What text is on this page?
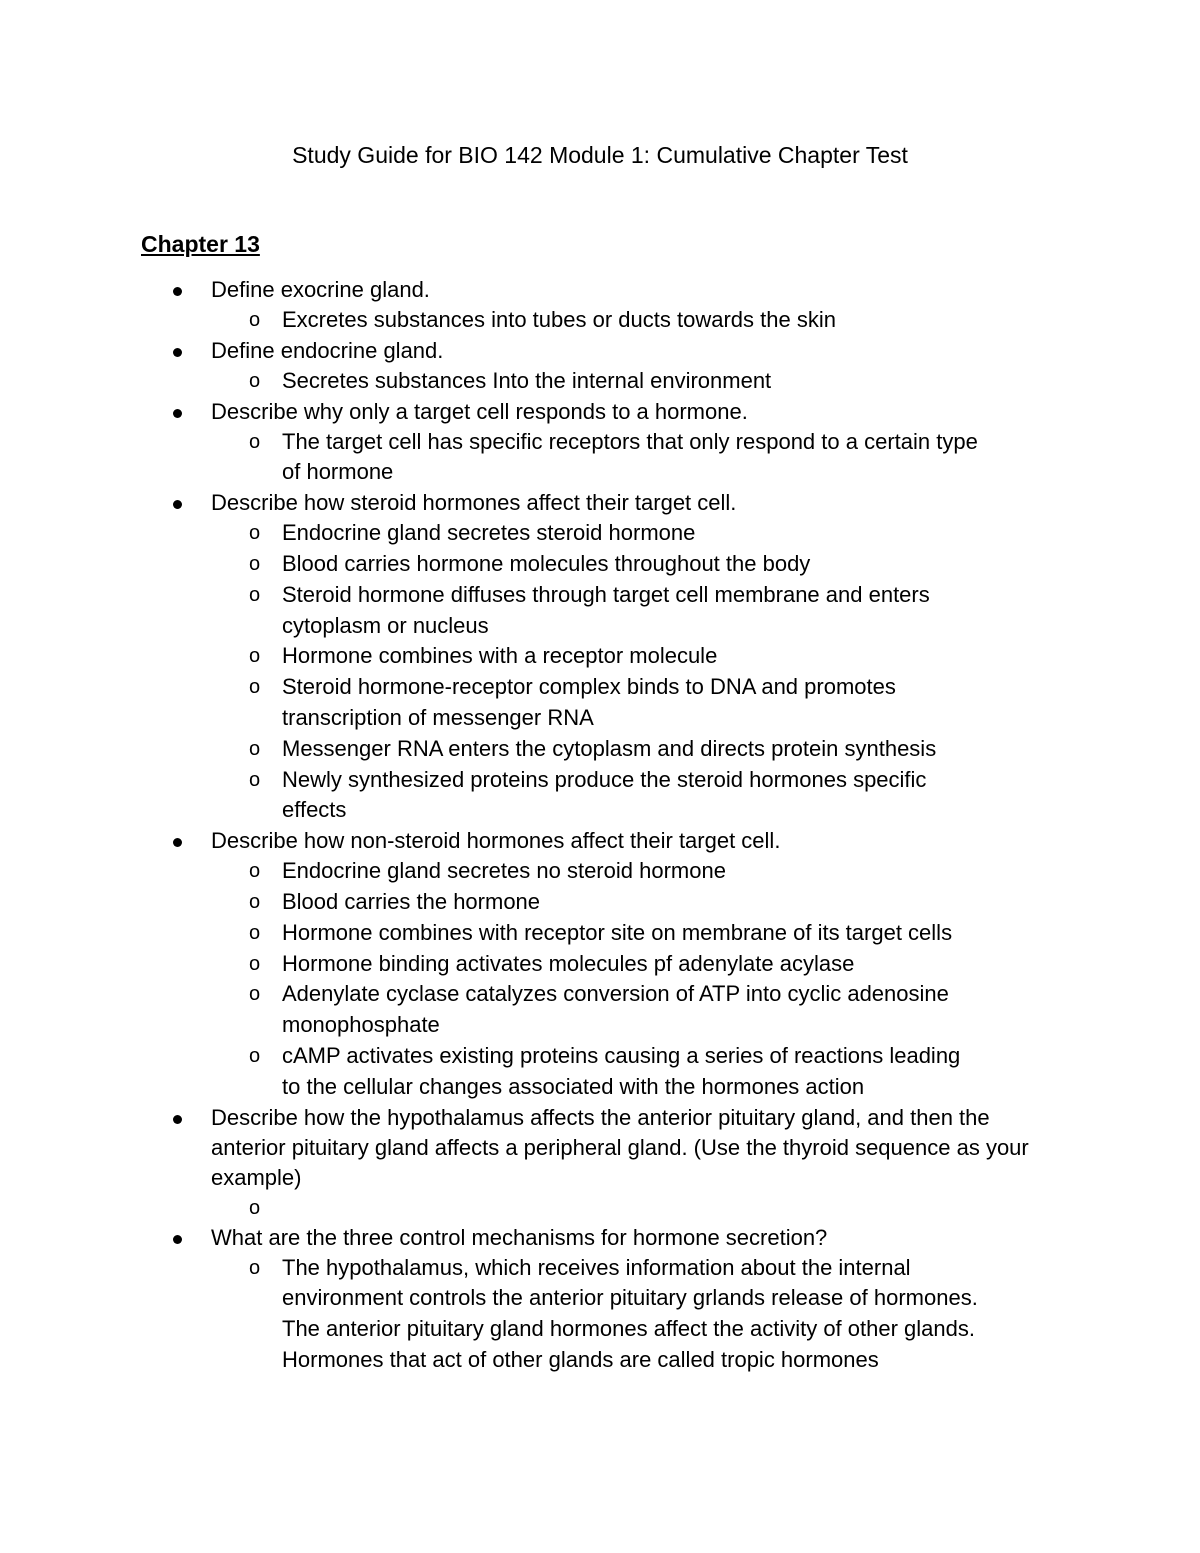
Study Guide for BIO 142 Module 1: Cumulative Chapter Test
Chapter 13
Define exocrine gland.
o Excretes substances into tubes or ducts towards the skin
Define endocrine gland.
o Secretes substances Into the internal environment
Describe why only a target cell responds to a hormone.
o The target cell has specific receptors that only respond to a certain type of hormone
Describe how steroid hormones affect their target cell.
o Endocrine gland secretes steroid hormone
o Blood carries hormone molecules throughout the body
o Steroid hormone diffuses through target cell membrane and enters cytoplasm or nucleus
o Hormone combines with a receptor molecule
o Steroid hormone-receptor complex binds to DNA and promotes transcription of messenger RNA
o Messenger RNA enters the cytoplasm and directs protein synthesis
o Newly synthesized proteins produce the steroid hormones specific effects
Describe how non-steroid hormones affect their target cell.
o Endocrine gland secretes no steroid hormone
o Blood carries the hormone
o Hormone combines with receptor site on membrane of its target cells
o Hormone binding activates molecules pf adenylate acylase
o Adenylate cyclase catalyzes conversion of ATP into cyclic adenosine monophosphate
o cAMP activates existing proteins causing a series of reactions leading to the cellular changes associated with the hormones action
Describe how the hypothalamus affects the anterior pituitary gland, and then the anterior pituitary gland affects a peripheral gland. (Use the thyroid sequence as your example)
o
What are the three control mechanisms for hormone secretion?
o The hypothalamus, which receives information about the internal environment controls the anterior pituitary grlands release of hormones. The anterior pituitary gland hormones affect the activity of other glands. Hormones that act of other glands are called tropic hormones
